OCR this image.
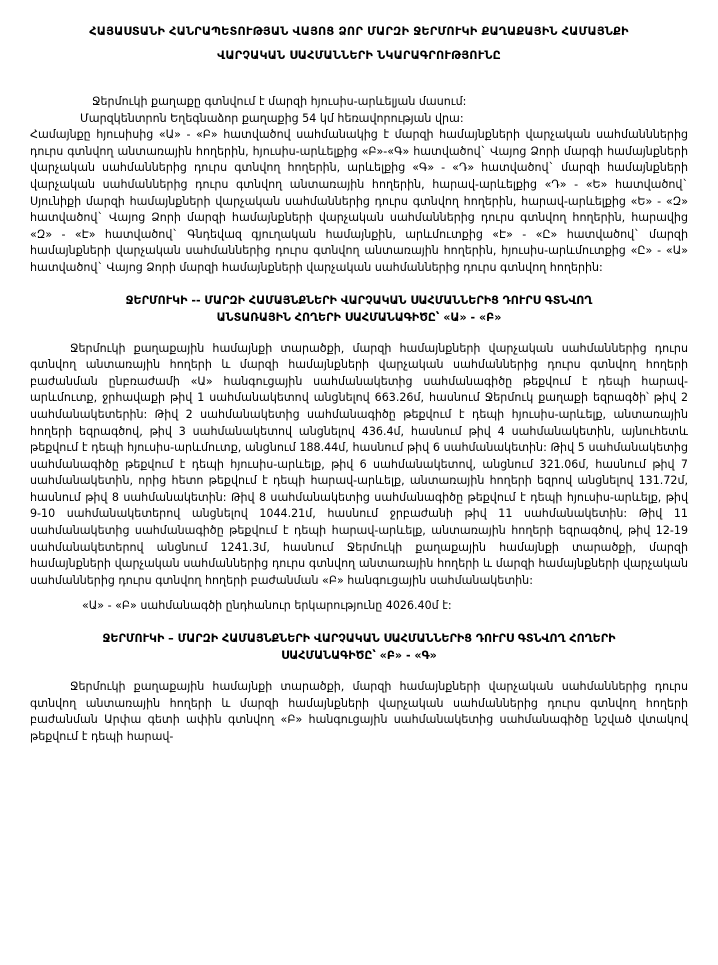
ՀԱՅԱՍՏԱՆԻ ՀԱՆՐԱՊԵՏՈՒԹՅԱՆ ՎԱՅՈՑ ՁՈՐ ՄԱՐԶԻ ՋԵՐՄՈՒԿԻ ՔԱՂԱՔԱՅԻՆ ՀԱՄԱՅՆՔԻ
ՎԱՐՉԱԿԱՆ ՍԱՀՄԱՆՆԵՐԻ ՆԿԱՐԱԳՐՈՒԹՅՈՒՆԸ

Ջերմուկի քաղաքը գտնվում է մարզի հյուսիս-արևելյան մասում:

Մարզկենտրոն Եղեգնաձոր քաղաքից 54 կմ հեռավորության վրա:

Համայնքը հյուսիսից «Ա» - «Բ» հատվածով սահմանակից է մարզի համայնքների վարչական սահմանններից դուրս գտնվող անտառային հողերին, հյուսիս-արևելքից «Բ»-«Գ» հատվածով` Վայոց Ձորի մարգի համայնքների վարչական սահմաններից դուրս գտնվող հողերին, արևելքից «Գ» - «Դ» հատվածով` մարզի համայնքների վարչական սահմաններից դուրս գտնվող անտառային հողերին, հարավ-արևելքից «Դ» - «Ե» հատվածով` Սյունիքի մարզի համայնքների վարչական սահմաններից դուրս գտնվող հողերին, հարավ-արևելքից «Ե» - «Զ» հատվածով` Վայոց Ձորի մարզի համայնքների վարչական սահմաններից դուրս գտնվող հողերին, հարավից «Զ» - «Է» հատվածով` Գնդեվազ գյուղական համայնքին, արևմուտքից «Է» - «Ը» հատվածով` մարզի համայնքների վարչական սահմաններից դուրս գտնվող անտառային հողերին, հյուսիս-արևմուտքից «Ը» - «Ա» հատվածով` Վայոց Ձորի մարզի համայնքների վարչական սահմաններից դուրս գտնվող հողերին:

ՋԵՐՄՈՒԿԻ -- ՄԱՐԶԻ ՀԱՄԱՅՆՔՆԵՐԻ ՎԱՐՉԱԿԱՆ ՍԱՀՄԱՆՆԵՐԻՑ ԴՈՒՐՍ ԳՏՆՎՈՂ
ԱՆՏԱՌԱՅԻՆ ՀՈՂԵՐԻ ՍԱՀՄԱՆԱԳԻԾԸ՝ «Ա» - «Բ»

Ջերմուկի քաղաքային համայնքի տարածքի, մարզի համայնքների վարչական սահմաններից դուրս գտնվող անտառային հողերի և մարզի համայնքների վարչական սահմաններից դուրս գտնվող հողերի բաժանման ընբռաժամի «Ա» հանգուցային սահմանակետից սահմանագիծը թեքվում է դեպի հարավ-արևմուտք, ջրհավաքի թիվ 1 սահմանակետով անցնելով 663.26մ, հասնում Ջերմուկ քաղաքի եզրագծի՝ թիվ 2 սահմանակետերին: Թիվ 2 սահմանակետից սահմանագիծը թեքվում է դեպի հյուսիս-արևելք, անտառային հողերի եզրագծով, թիվ 3 սահմանակետով անցնելով 436.4մ, հասնում թիվ 4 սահմանակետին, այնուհետև թեքվում է դեպի հյուսիս-արևմուտք, անցնում 188.44մ, հասնում թիվ 6 սահմանակետին: Թիվ 5 սահմանակետից սահմանագիծը թեքվում է դեպի հյուսիս-արևելք, թիվ 6 սահմանակետով, անցնում 321.06մ, հասնում թիվ 7 սահմանակետին, որից հետո թեքվում է դեպի հարավ-արևելք, անտառային հողերի եզրով անցնելով 131.72մ, հասնում թիվ 8 սահմանակետին: Թիվ 8 սահմանակետից սահմանագիծը թեքվում է դեպի հյուսիս-արևելք, թիվ 9-10 սահմանակետերով անցնելով 1044.21մ, հասնում ջրբաժանի թիվ 11 սահմանակետին: Թիվ 11 սահմանակետից սահմանագիծը թեքվում է դեպի հարավ-արևելք, անտառային հողերի եզրագծով, թիվ 12-19 սահմանակետերով անցնում 1241.3մ, հասնում Ջերմուկի քաղաքային համայնքի տարածքի, մարզի համայնքների վարչական սահմաններից դուրս գտնվող անտառային հողերի և մարզի համայնքների վարչական սահմաններից դուրս գտնվող հողերի բաժանման «Բ» հանգուցային սահմանակետին:

«Ա» - «Բ» սահմանագծի ընդհանուր երկարությունը 4026.40մ է:

ՋԵՐՄՈՒԿԻ – ՄԱՐԶԻ ՀԱՄԱՅՆՔՆԵՐԻ ՎԱՐՉԱԿԱՆ ՍԱՀՄԱՆՆԵՐԻՑ ԴՈՒՐՍ ԳՏՆՎՈՂ ՀՈՂԵՐԻ
ՍԱՀՄԱՆԱԳԻԾԸ՝ «Բ» - «Գ»

Ջերմուկի քաղաքային համայնքի տարածքի, մարզի համայնքների վարչական սահմաններից դուրս գտնվող անտառային հողերի և մարզի համայնքների վարչական սահմաններից դուրս գտնվող հողերի բաժանման Արփա գետի ափին գտնվող «Բ» հանգուցային սահմանակետից սահմանագիծը նշված վտակով թեքվում է դեպի հարավ-
